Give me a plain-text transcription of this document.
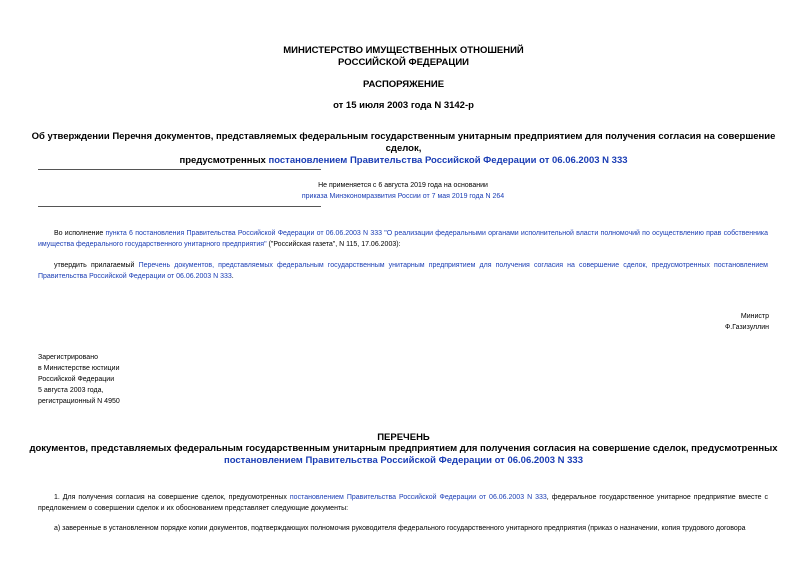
МИНИСТЕРСТВО ИМУЩЕСТВЕННЫХ ОТНОШЕНИЙ
РОССИЙСКОЙ ФЕДЕРАЦИИ
РАСПОРЯЖЕНИЕ
от 15 июля 2003 года N 3142-р
Об утверждении Перечня документов, представляемых федеральным государственным унитарным предприятием для получения согласия на совершение сделок,
предусмотренных постановлением Правительства Российской Федерации от 06.06.2003 N 333
Не применяется с 6 августа 2019 года на основании
приказа Минэкономразвития России от 7 мая 2019 года N 264
Во исполнение пункта 6 постановления Правительства Российской Федерации от 06.06.2003 N 333 "О реализации федеральными органами исполнительной власти полномочий по осуществлению прав собственника имущества федерального государственного унитарного предприятия" ("Российская газета", N 115, 17.06.2003):
утвердить прилагаемый Перечень документов, представляемых федеральным государственным унитарным предприятием для получения согласия на совершение сделок, предусмотренных постановлением Правительства Российской Федерации от 06.06.2003 N 333.
Министр
Ф.Газизуллин
Зарегистрировано
в Министерстве юстиции
Российской Федерации
5 августа 2003 года,
регистрационный N 4950
ПЕРЕЧЕНЬ
документов, представляемых федеральным государственным унитарным предприятием для получения согласия на совершение сделок, предусмотренных
постановлением Правительства Российской Федерации от 06.06.2003 N 333
1. Для получения согласия на совершение сделок, предусмотренных постановлением Правительства Российской Федерации от 06.06.2003 N 333, федеральное государственное унитарное предприятие вместе с предложением о совершении сделок и их обоснованием представляет следующие документы:
а) заверенные в установленном порядке копии документов, подтверждающих полномочия руководителя федерального государственного унитарного предприятия (приказ о назначении, копия трудового договора
